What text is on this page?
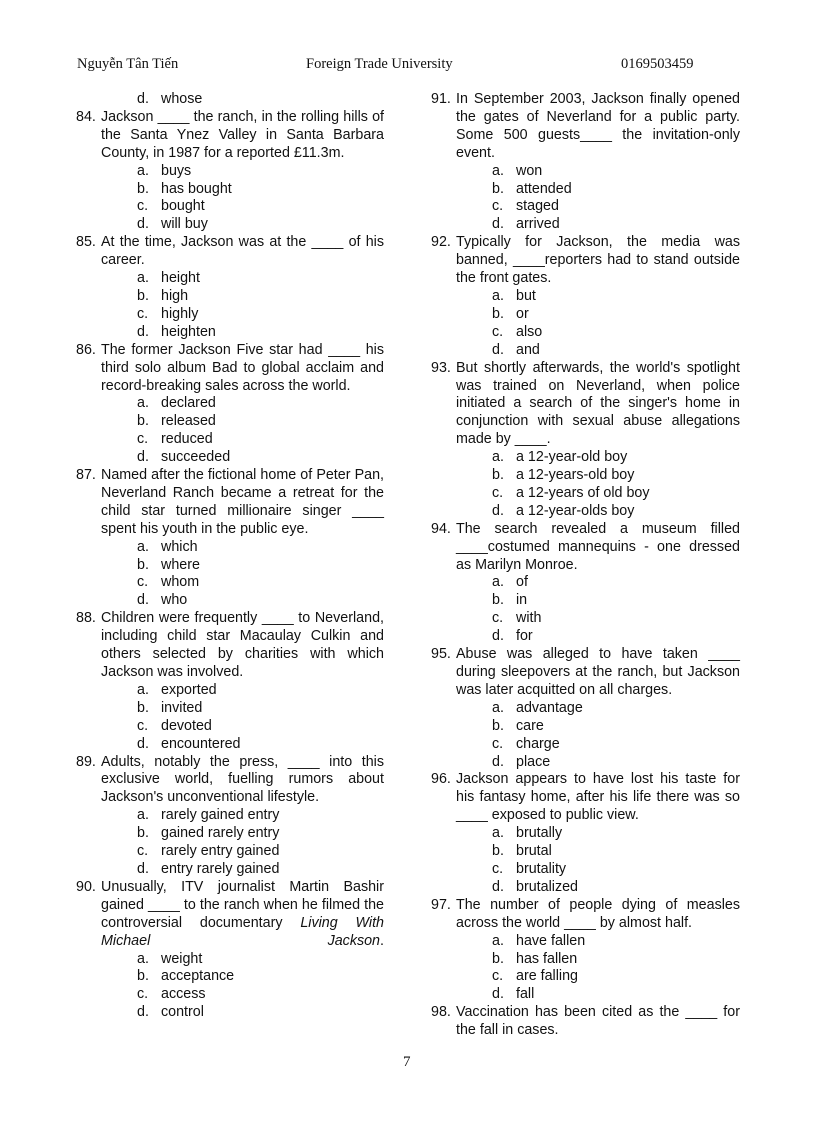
Nguyễn Tân Tiến	Foreign Trade University	0169503459
d. whose
84. Jackson ____ the ranch, in the rolling hills of the Santa Ynez Valley in Santa Barbara County, in 1987 for a reported £11.3m.
a. buys
b. has bought
c. bought
d. will buy
85. At the time, Jackson was at the ____ of his career.
a. height
b. high
c. highly
d. heighten
86. The former Jackson Five star had ____ his third solo album Bad to global acclaim and record-breaking sales across the world.
a. declared
b. released
c. reduced
d. succeeded
87. Named after the fictional home of Peter Pan, Neverland Ranch became a retreat for the child star turned millionaire singer ____ spent his youth in the public eye.
a. which
b. where
c. whom
d. who
88. Children were frequently ____ to Neverland, including child star Macaulay Culkin and others selected by charities with which Jackson was involved.
a. exported
b. invited
c. devoted
d. encountered
89. Adults, notably the press, ____ into this exclusive world, fuelling rumors about Jackson's unconventional lifestyle.
a. rarely gained entry
b. gained rarely entry
c. rarely entry gained
d. entry rarely gained
90. Unusually, ITV journalist Martin Bashir gained ____ to the ranch when he filmed the controversial documentary Living With Michael Jackson.
a. weight
b. acceptance
c. access
d. control
91. In September 2003, Jackson finally opened the gates of Neverland for a public party. Some 500 guests____ the invitation-only event.
a. won
b. attended
c. staged
d. arrived
92. Typically for Jackson, the media was banned, ____reporters had to stand outside the front gates.
a. but
b. or
c. also
d. and
93. But shortly afterwards, the world's spotlight was trained on Neverland, when police initiated a search of the singer's home in conjunction with sexual abuse allegations made by ____.
a. a 12-year-old boy
b. a 12-years-old boy
c. a 12-years of old boy
d. a 12-year-olds boy
94. The search revealed a museum filled ____costumed mannequins - one dressed as Marilyn Monroe.
a. of
b. in
c. with
d. for
95. Abuse was alleged to have taken ____ during sleepovers at the ranch, but Jackson was later acquitted on all charges.
a. advantage
b. care
c. charge
d. place
96. Jackson appears to have lost his taste for his fantasy home, after his life there was so ____ exposed to public view.
a. brutally
b. brutal
c. brutality
d. brutalized
97. The number of people dying of measles across the world ____ by almost half.
a. have fallen
b. has fallen
c. are falling
d. fall
98. Vaccination has been cited as the ____ for the fall in cases.
7
